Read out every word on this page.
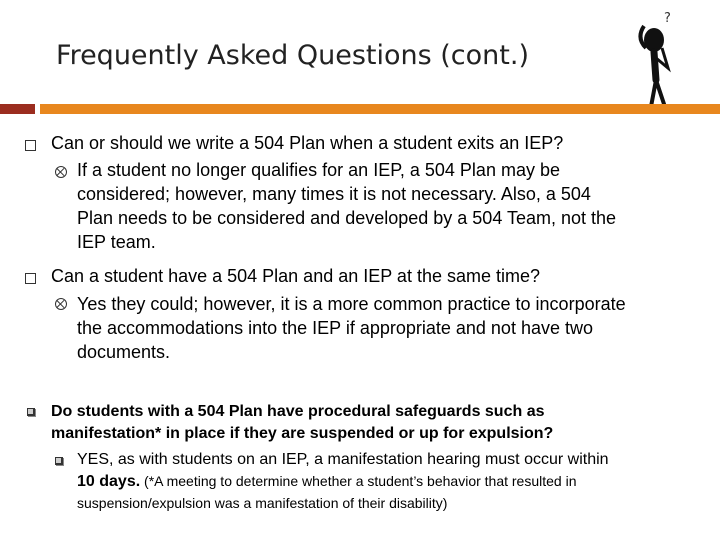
Frequently Asked Questions (cont.)
?
Can or should we write a 504 Plan when a student exits an IEP?
If a student no longer qualifies for an IEP, a 504 Plan may be
considered; however, many times it is not necessary. Also, a 504
Plan needs to be considered and developed by a 504 Team, not the
IEP team.
Can a student have a 504 Plan and an IEP at the same time?
Yes they could; however, it is a more common practice to incorporate
the accommodations into the IEP if appropriate and not have two
documents.
Do students with a 504 Plan have procedural safeguards such as
manifestation* in place if they are suspended or up for expulsion?
YES, as with students on an IEP, a manifestation hearing must occur within
10 days. (*A meeting to determine whether a student’s behavior that resulted in
suspension/expulsion was a manifestation of their disability)
